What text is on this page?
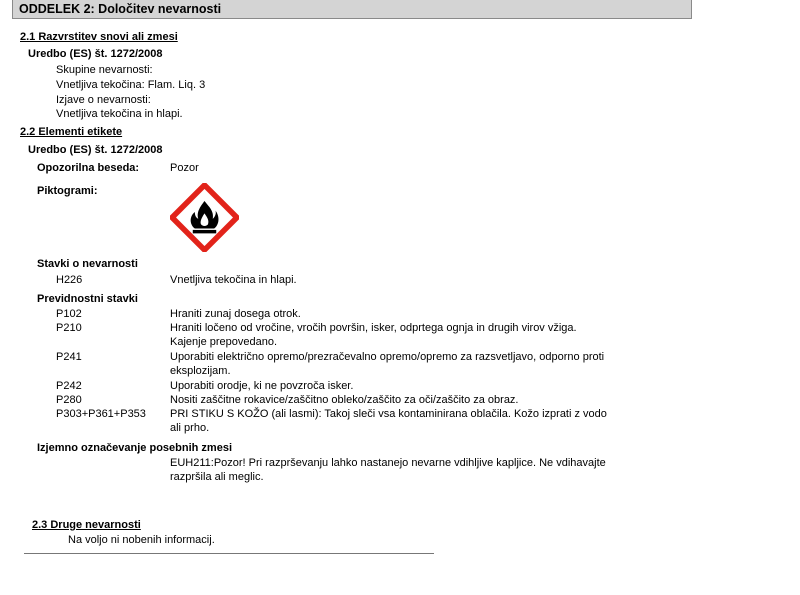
ODDELEK 2: Določitev nevarnosti
2.1 Razvrstitev snovi ali zmesi
Uredbo (ES) št. 1272/2008
Skupine nevarnosti:
Vnetljiva tekočina: Flam. Liq. 3
Izjave o nevarnosti:
Vnetljiva tekočina in hlapi.
2.2 Elementi etikete
Uredbo (ES) št. 1272/2008
Opozorilna beseda:	Pozor
Piktogrami:
Stavki o nevarnosti
H226	Vnetljiva tekočina in hlapi.
Previdnostni stavki
P102	Hraniti zunaj dosega otrok.
P210	Hraniti ločeno od vročine, vročih površin, isker, odprtega ognja in drugih virov vžiga.
Kajenje prepovedano.
P241	Uporabiti električno opremo/prezračevalno opremo/opremo za razsvetljavo, odporno proti
eksplozijam.
P242	Uporabiti orodje, ki ne povzroča isker.
P280	Nositi zaščitne rokavice/zaščitno obleko/zaščito za oči/zaščito za obraz.
P303+P361+P353 PRI STIKU S KOŽO (ali lasmi): Takoj sleči vsa kontaminirana oblačila. Kožo izprati z vodo
ali prho.
Izjemno označevanje posebnih zmesi
EUH211:Pozor! Pri razprševanju lahko nastanejo nevarne vdihljive kapljice. Ne vdihavajte
razpršila ali meglic.
2.3 Druge nevarnosti
Na voljo ni nobenih informacij.
